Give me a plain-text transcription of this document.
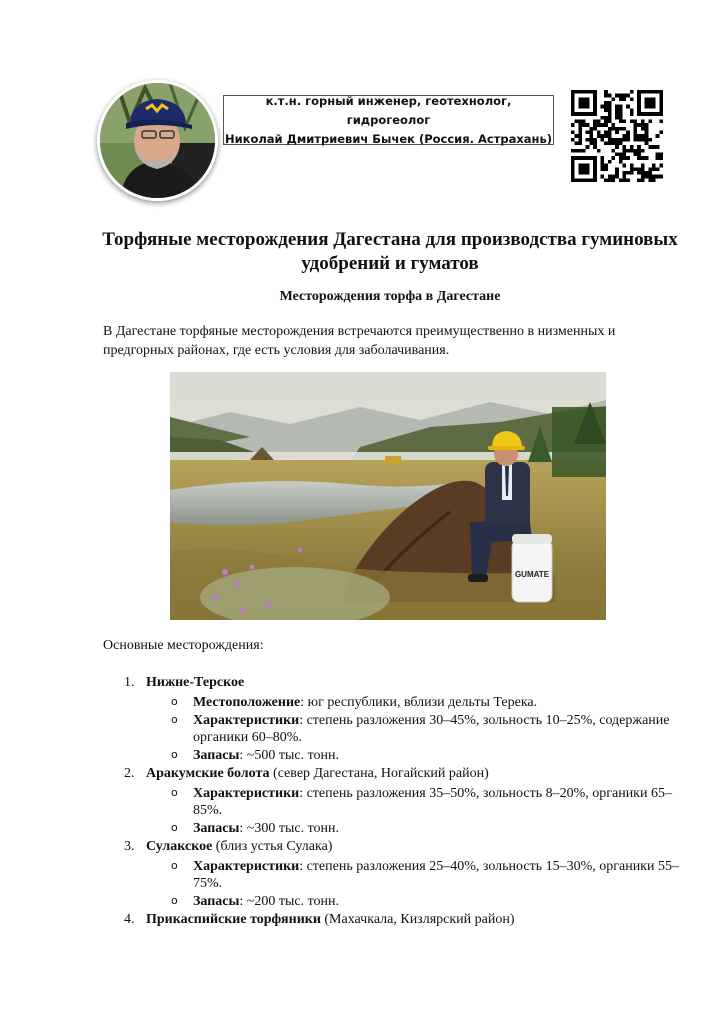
к.т.н. горный инженер, геотехнолог, гидрогеолог
Николай Дмитриевич Бычек (Россия. Астрахань)
Торфяные месторождения Дагестана для производства гуминовых удобрений и гуматов
Месторождения торфа в Дагестане

В Дагестане торфяные месторождения встречаются преимущественно в низменных и предгорных районах, где есть условия для заболачивания.

GUMATE

Основные месторождения:

1. Нижне-Терское
o Местоположение: юг республики, вблизи дельты Терека.
o Характеристики: степень разложения 30–45%, зольность 10–25%, содержание органики 60–80%.
o Запасы: ~500 тыс. тонн.
2. Аракумские болота (север Дагестана, Ногайский район)
o Характеристики: степень разложения 35–50%, зольность 8–20%, органики 65–85%.
o Запасы: ~300 тыс. тонн.
3. Сулакское (близ устья Сулака)
o Характеристики: степень разложения 25–40%, зольность 15–30%, органики 55–75%.
o Запасы: ~200 тыс. тонн.
4. Прикаспийские торфяники (Махачкала, Кизлярский район)
